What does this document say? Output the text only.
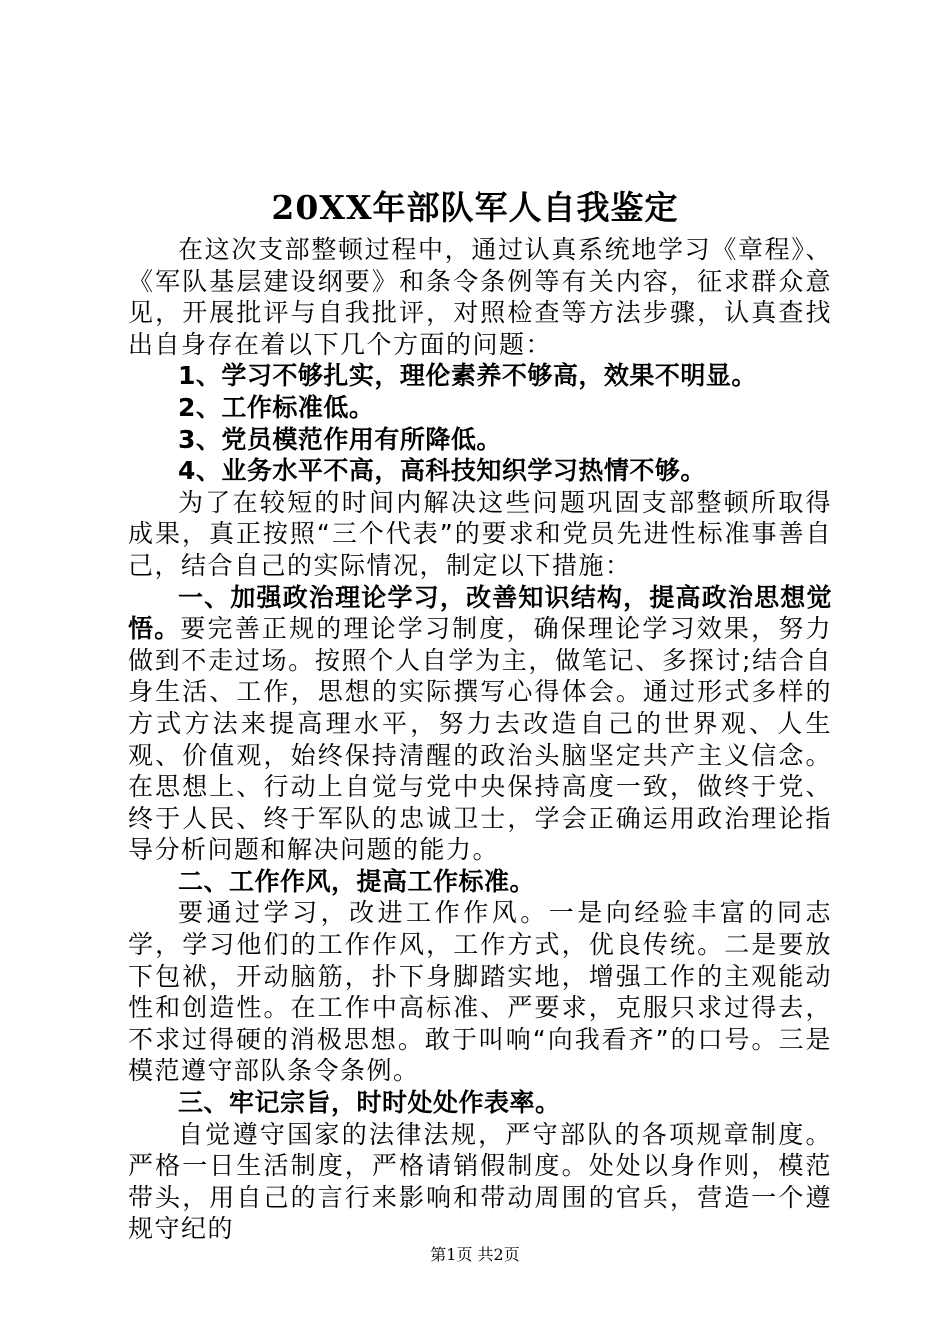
20XX年部队军人自我鉴定

在这次支部整顿过程中，通过认真系统地学习《章程》、《军队基层建设纲要》和条令条例等有关内容，征求群众意见，开展批评与自我批评，对照检查等方法步骤，认真查找出自身存在着以下几个方面的问题：

1、学习不够扎实，理伦素养不够高，效果不明显。

2、工作标准低。

3、党员模范作用有所降低。

4、业务水平不高，高科技知织学习热情不够。

为了在较短的时间内解决这些问题巩固支部整顿所取得成果，真正按照“三个代表”的要求和党员先进性标准事善自己，结合自己的实际情况，制定以下措施：

一、加强政治理论学习，改善知识结构，提高政治思想觉悟。要完善正规的理论学习制度，确保理论学习效果，努力做到不走过场。按照个人自学为主，做笔记、多探讨;结合自身生活、工作，思想的实际撰写心得体会。通过形式多样的方式方法来提高理水平，努力去改造自己的世界观、人生观、价值观，始终保持清醒的政治头脑坚定共产主义信念。在思想上、行动上自觉与党中央保持高度一致，做终于党、终于人民、终于军队的忠诚卫士，学会正确运用政治理论指导分析问题和解决问题的能力。

二、工作作风，提高工作标准。

要通过学习，改进工作作风。一是向经验丰富的同志学，学习他们的工作作风，工作方式，优良传统。二是要放下包袱，开动脑筋，扑下身脚踏实地，增强工作的主观能动性和创造性。在工作中高标准、严要求，克服只求过得去，不求过得硬的消极思想。敢于叫响“向我看齐”的口号。三是模范遵守部队条令条例。

三、牢记宗旨，时时处处作表率。

自觉遵守国家的法律法规，严守部队的各项规章制度。严格一日生活制度，严格请销假制度。处处以身作则，模范带头，用自己的言行来影响和带动周围的官兵，营造一个遵规守纪的

第1页 共2页
